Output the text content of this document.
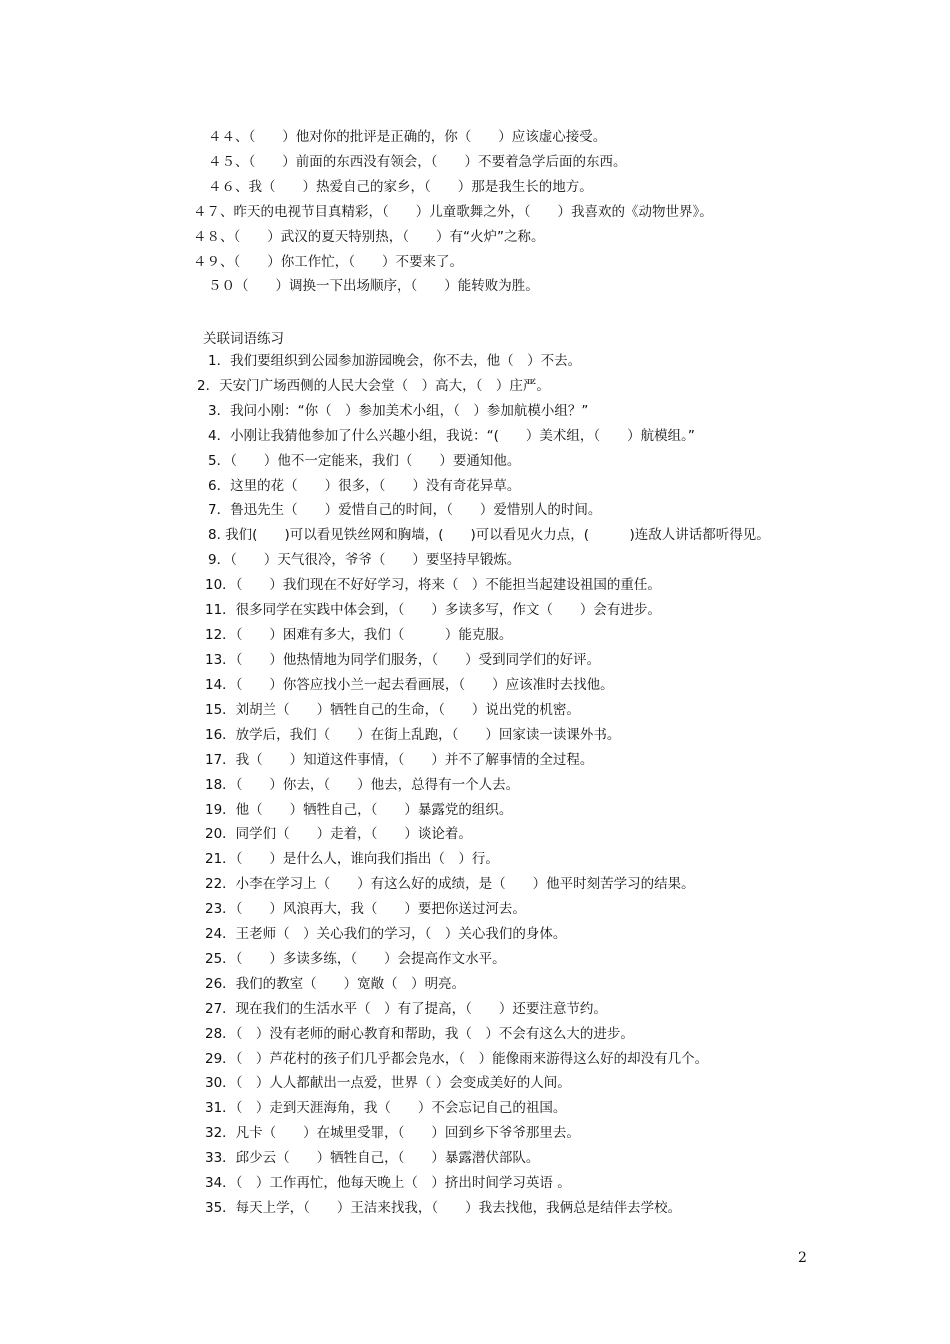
４４、（　　）他对你的批评是正确的，你（　　）应该虚心接受。
４５、（　　）前面的东西没有领会，（　　）不要着急学后面的东西。
４６、我（　　）热爱自己的家乡，（　　）那是我生长的地方。
４７、昨天的电视节目真精彩，（　　）儿童歌舞之外，（　　）我喜欢的《动物世界》。
４８、（　　）武汉的夏天特别热，（　　）有“火炉”之称。
４９、（　　）你工作忙，（　　）不要来了。
５０（　　）调换一下出场顺序，（　　）能转败为胜。
关联词语练习
1．我们要组织到公园参加游园晚会，你不去，他（　）不去。
2．天安门广场西侧的人民大会堂（　）高大，（　）庄严。
3．我问小刚：“你（　）参加美术小组，（　）参加航模小组？”
4．小刚让我猜他参加了什么兴趣小组，我说：“(　　）美术组，（　　）航模组。”
5．（　　）他不一定能来，我们（　　）要通知他。
6．这里的花（　　）很多，（　　）没有奇花异草。
7．鲁迅先生（　　）爱惜自己的时间，（　　）爱惜别人的时间。
8. 我们(　　)可以看见铁丝网和胸墙，(　　)可以看见火力点，(　　　)连敌人讲话都听得见。
9．（　　）天气很冷，爷爷（　　）要坚持早锻炼。
10．（　　）我们现在不好好学习，将来（　）不能担当起建设祖国的重任。
11．很多同学在实践中体会到，（　　）多读多写，作文（　　）会有进步。
12．（　　）困难有多大，我们（　　　）能克服。
13．（　　）他热情地为同学们服务，（　　）受到同学们的好评。
14．（　　）你答应找小兰一起去看画展，（　　）应该准时去找他。
15．刘胡兰（　　）牺牲自己的生命，（　　）说出党的机密。
16．放学后，我们（　　）在街上乱跑，（　　）回家读一读课外书。
17．我（　　）知道这件事情，（　　）并不了解事情的全过程。
18．（　　）你去，（　　）他去，总得有一个人去。
19．他（　　）牺牲自己，（　　）暴露党的组织。
20．同学们（　　）走着，（　　）谈论着。
21．（　　）是什么人，谁向我们指出（　）行。
22．小李在学习上（　　）有这么好的成绩，是（　　）他平时刻苦学习的结果。
23．（　　）风浪再大，我（　　）要把你送过河去。
24．王老师（　）关心我们的学习，（　）关心我们的身体。
25．（　　）多读多练，（　　）会提高作文水平。
26．我们的教室（　　）宽敞（　）明亮。
27．现在我们的生活水平（　）有了提高，（　　）还要注意节约。
28．（　）没有老师的耐心教育和帮助，我（　）不会有这么大的进步。
29．（　）芦花村的孩子们几乎都会凫水，（　）能像雨来游得这么好的却没有几个。
30．（　）人人都献出一点爱，世界（ ）会变成美好的人间。
31．（　）走到天涯海角，我（　　）不会忘记自己的祖国。
32．凡卡（　　）在城里受罪，（　　）回到乡下爷爷那里去。
33．邱少云（　　）牺牲自己，（　　）暴露潜伏部队。
34．（　）工作再忙，他每天晚上（　）挤出时间学习英语 。
35．每天上学，（　　）王洁来找我，（　　）我去找他，我俩总是结伴去学校。
2
